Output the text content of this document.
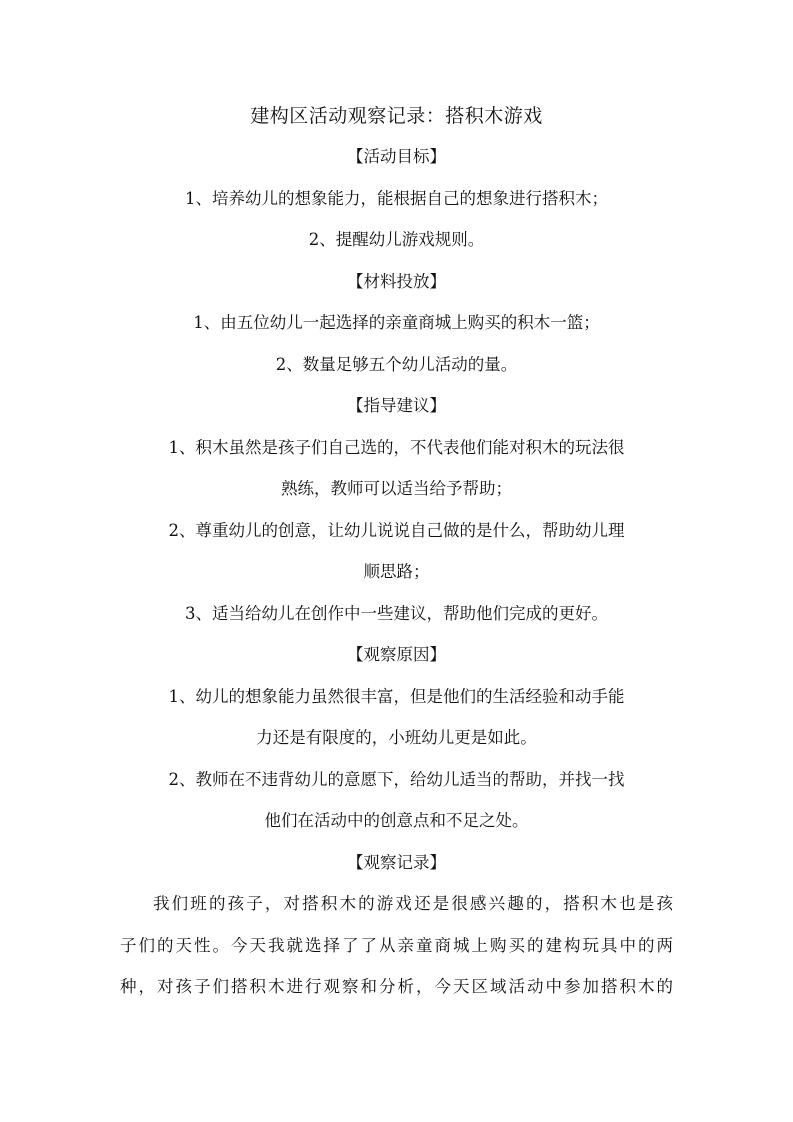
建构区活动观察记录：搭积木游戏
【活动目标】
1、培养幼儿的想象能力，能根据自己的想象进行搭积木；
2、提醒幼儿游戏规则。
【材料投放】
1、由五位幼儿一起选择的亲童商城上购买的积木一篮；
2、数量足够五个幼儿活动的量。
【指导建议】
1、积木虽然是孩子们自己选的，不代表他们能对积木的玩法很
熟练，教师可以适当给予帮助；
2、尊重幼儿的创意，让幼儿说说自己做的是什么，帮助幼儿理
顺思路；
3、适当给幼儿在创作中一些建议，帮助他们完成的更好。
【观察原因】
1、幼儿的想象能力虽然很丰富，但是他们的生活经验和动手能
力还是有限度的，小班幼儿更是如此。
2、教师在不违背幼儿的意愿下，给幼儿适当的帮助，并找一找
他们在活动中的创意点和不足之处。
【观察记录】
我们班的孩子，对搭积木的游戏还是很感兴趣的，搭积木也是孩
子们的天性。今天我就选择了了从亲童商城上购买的建构玩具中的两
种，对孩子们搭积木进行观察和分析，今天区域活动中参加搭积木的
